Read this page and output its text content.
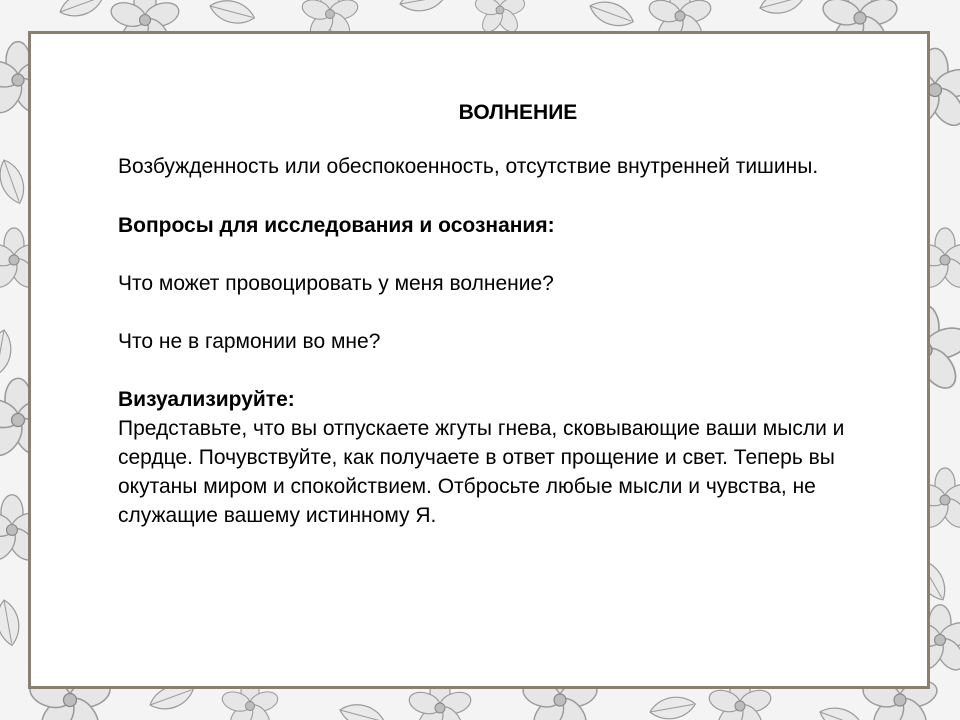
ВОЛНЕНИЕ

Возбужденность или обеспокоенность, отсутствие внутренней тишины.

Вопросы для исследования и осознания:

Что может провоцировать у меня волнение?

Что не в гармонии во мне?

Визуализируйте:

Представьте, что вы отпускаете жгуты гнева, сковывающие ваши мысли и сердце. Почувствуйте, как получаете в ответ прощение и свет. Теперь вы окутаны миром и спокойствием. Отбросьте любые мысли и чувства, не служащие вашему истинному Я.
